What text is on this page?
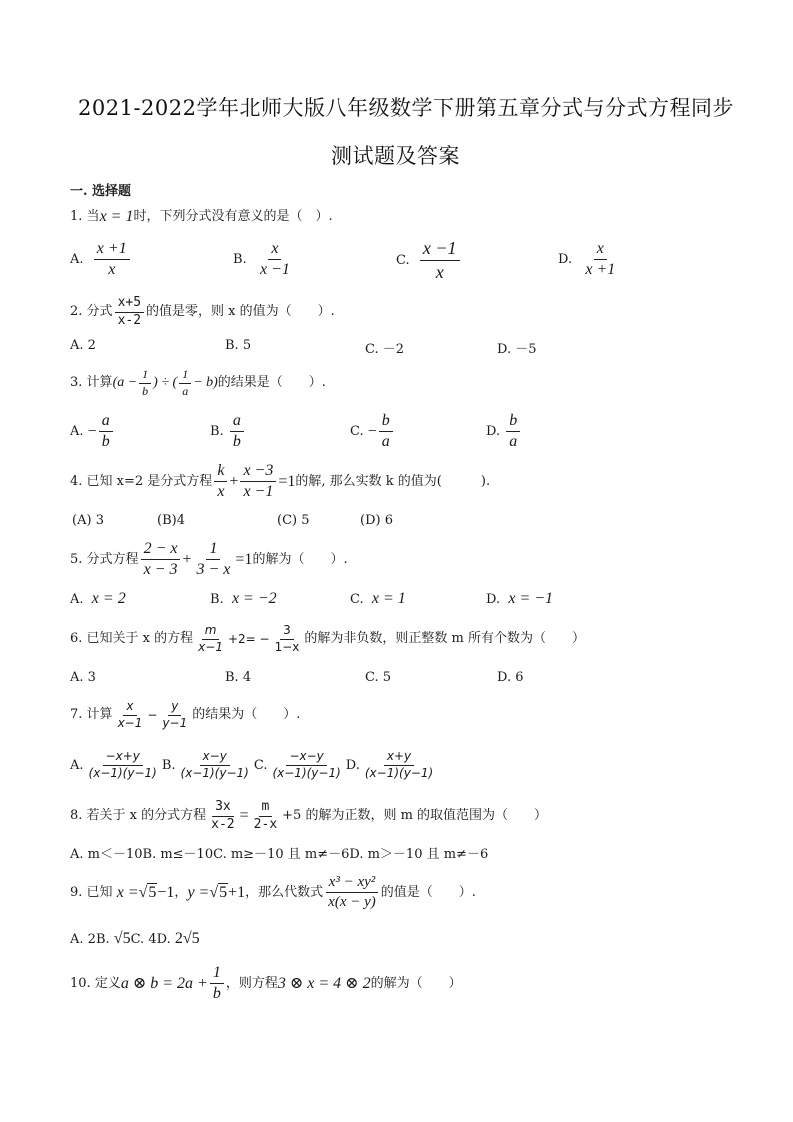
2021-2022学年北师大版八年级数学下册第五章分式与分式方程同步
测试题及答案
一. 选择题
1.
当 x = 1 时，下列分式没有意义的是（　）.
A.
$\frac{x +1}{x}$	B.
$\frac{x}{x -1}$	C.
$\frac{x -1}{x}$	D.
$\frac{x}{x +1}$
2.
分式 $\frac{x+5}{x-2}$ 的值是零，则 x 的值为（　　）.
A. 2	B. 5	C. －2	D. －5
3.
计算 ($a - \frac{1}{b}$ ) ÷ ( $\frac{1}{a} - b$) 的结果是（　　）.
A.
− $\frac{a}{b}$	B.
$\frac{a}{b}$	C.
− $\frac{b}{a}$	D.
$\frac{b}{a}$
4.
已知 x=2 是分式方程 $\frac{k}{x} + \frac{x -3}{x -1} =1$ 的解, 那么实数 k 的值为(　　　).
(A) 3	(B)4	(C) 5	(D) 6
5.
分式方程 $\frac{2 - x}{x - 3} + \frac{1}{3 - x} =1$ 的解为（　　）.
A.
x = 2	B.
x = −2	C.
x = 1	D.
x = −1
6.
已知关于 x 的方程 $\frac{m}{x-1} +2= - \frac{3}{1-x}$ 的解为非负数，则正整数 m 所有个数为（　　）
A. 3	B. 4	C. 5	D. 6
7.
计算 $\frac{x}{x-1} - \frac{y}{y-1}$ 的结果为（　　）.
A. $\frac{-x+y}{(x-1)(y-1)} B$. $\frac{x-y}{(x-1)(y-1)} C$. $\frac{-x-y}{(x-1)(y-1)} D$. $\frac{x+y}{(x-1)(y-1)}$
8.
若关于 x 的分式方程 $\frac{3x}{x-2} = \frac{m}{2-x} +5$ 的解为正数，则 m 的取值范围为（　　）
A. m＜－10B. m≤－10C. m≥－10 且 m≠－6D. m＞－10 且 m≠－6
9.
已知
x = √5 −1 ， y = √5 +1 ，那么代数式 $\frac{\text{x³ − xy²}}{x(x - y)}$ 的值是（　　）.
A. 2 B. √5 C. 4 D. 2√5
10.
定义 a ⊗ $b = 2a + \frac{1}{b}$ ，则方程 3 ⊗ x = 4 ⊗ 2 的解为（　　）
